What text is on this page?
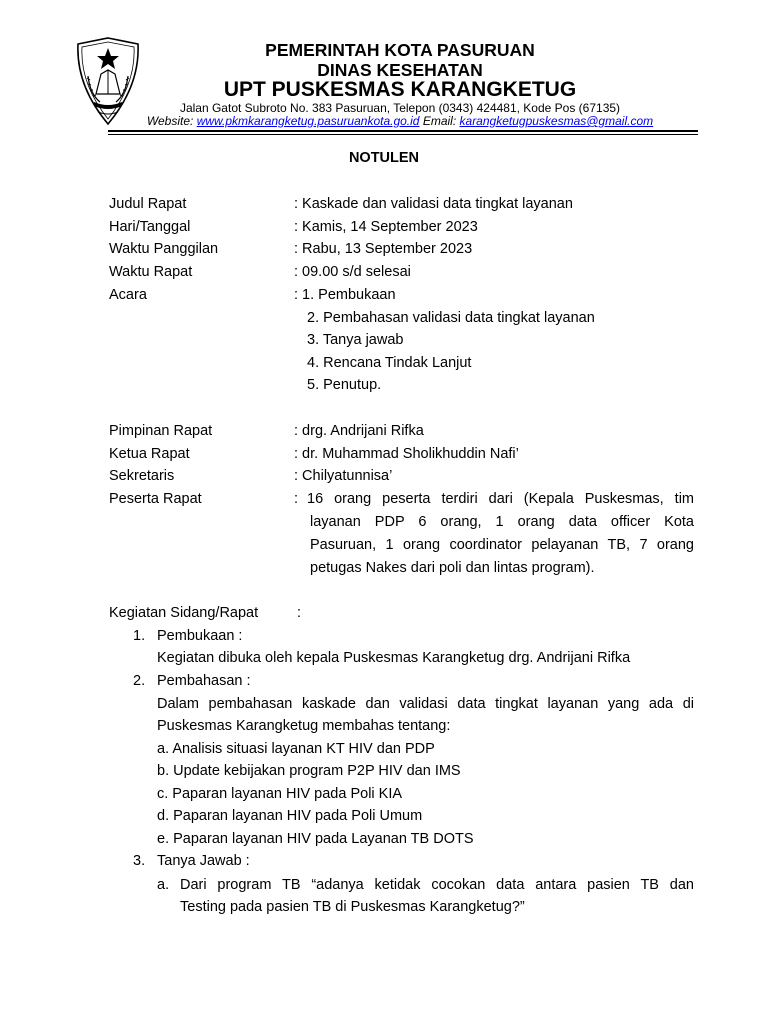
PEMERINTAH KOTA PASURUAN
DINAS KESEHATAN
UPT PUSKESMAS KARANGKETUG
Jalan Gatot Subroto No. 383 Pasuruan, Telepon (0343) 424481, Kode Pos (67135)
Website: www.pkmkarangketug.pasuruankota.go.id Email: karangketugpuskesmas@gmail.com
NOTULEN
Judul Rapat	: Kaskade dan validasi data tingkat layanan
Hari/Tanggal	: Kamis, 14 September 2023
Waktu Panggilan	: Rabu, 13 September 2023
Waktu Rapat	: 09.00 s/d selesai
Acara	: 1. Pembukaan
2. Pembahasan validasi data tingkat layanan
3. Tanya jawab
4. Rencana Tindak Lanjut
5. Penutup.
Pimpinan Rapat	: drg. Andrijani Rifka
Ketua Rapat	: dr. Muhammad Sholikhuddin Nafi’
Sekretaris	: Chilyatunnisa’
Peserta Rapat	: 16 orang peserta terdiri dari (Kepala Puskesmas, tim
layanan PDP 6 orang, 1 orang data officer Kota
Pasuruan, 1 orang coordinator pelayanan TB, 7 orang
petugas Nakes dari poli dan lintas program).
Kegiatan Sidang/Rapat	:
1. Pembukaan :
Kegiatan dibuka oleh kepala Puskesmas Karangketug drg. Andrijani Rifka
2. Pembahasan :
Dalam pembahasan kaskade dan validasi data tingkat layanan yang ada di
Puskesmas Karangketug membahas tentang:
a. Analisis situasi layanan KT HIV dan PDP
b. Update kebijakan program P2P HIV dan IMS
c. Paparan layanan HIV pada Poli KIA
d. Paparan layanan HIV pada Poli Umum
e. Paparan layanan HIV pada Layanan TB DOTS
3. Tanya Jawab :
a. Dari program TB “adanya ketidak cocokan data antara pasien TB dan
Testing pada pasien TB di Puskesmas Karangketug?”
